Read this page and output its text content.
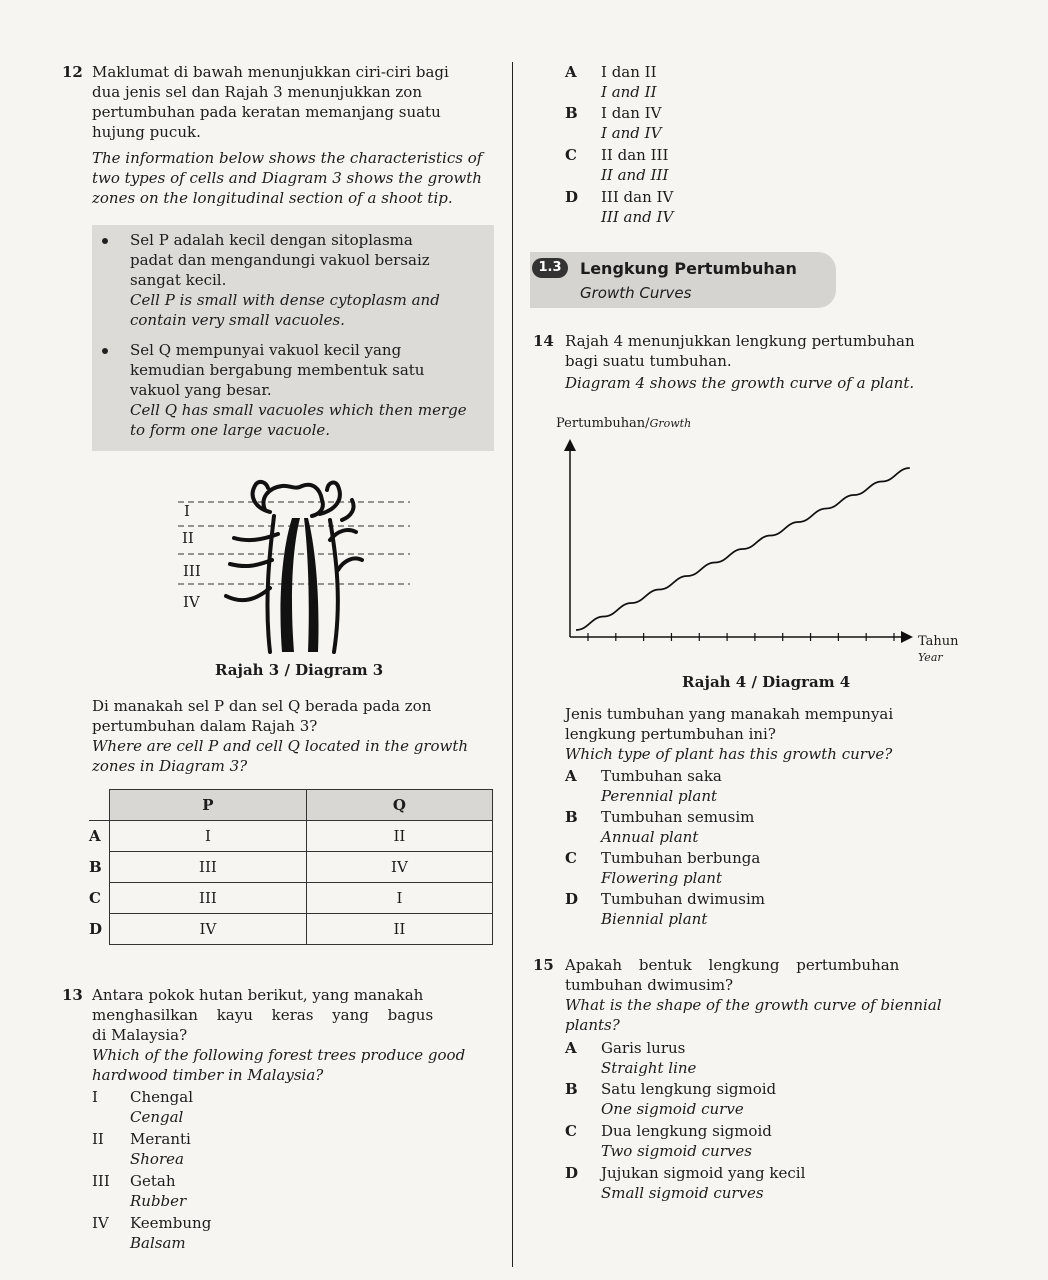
12 Maklumat di bawah menunjukkan ciri-ciri bagi
dua jenis sel dan Rajah 3 menunjukkan zon
pertumbuhan pada keratan memanjang suatu
hujung pucuk.
The information below shows the characteristics of
two types of cells and Diagram 3 shows the growth
zones on the longitudinal section of a shoot tip.
Sel P adalah kecil dengan sitoplasma
padat dan mengandungi vakuol bersaiz
sangat kecil.
Cell P is small with dense cytoplasm and
contain very small vacuoles.
Sel Q mempunyai vakuol kecil yang
kemudian bergabung membentuk satu
vakuol yang besar.
Cell Q has small vacuoles which then merge
to form one large vacuole.
I
II
III
IV
Rajah 3 / Diagram 3
Di manakah sel P dan sel Q berada pada zon
pertumbuhan dalam Rajah 3?
Where are cell P and cell Q located in the growth
zones in Diagram 3?
	P	Q
A	I	II
B	III	IV
C	III	I
D	IV	II
13 Antara pokok hutan berikut, yang manakah
menghasilkan kayu keras yang bagus
di Malaysia?
Which of the following forest trees produce good
hardwood timber in Malaysia?
I Chengal
Cengal
II Meranti
Shorea
III Getah
Rubber
IV Keembung
Balsam
A I dan II
I and II
B I dan IV
I and IV
C II dan III
II and III
D III dan IV
III and IV
1.3	Lengkung Pertumbuhan
Growth Curves
14 Rajah 4 menunjukkan lengkung pertumbuhan
bagi suatu tumbuhan.
Diagram 4 shows the growth curve of a plant.
Pertumbuhan/Growth
Tahun
Year
Rajah 4 / Diagram 4
Jenis tumbuhan yang manakah mempunyai
lengkung pertumbuhan ini?
Which type of plant has this growth curve?
A Tumbuhan saka
Perennial plant
B Tumbuhan semusim
Annual plant
C Tumbuhan berbunga
Flowering plant
D Tumbuhan dwimusim
Biennial plant
15 Apakah bentuk lengkung pertumbuhan
tumbuhan dwimusim?
What is the shape of the growth curve of biennial
plants?
A Garis lurus
Straight line
B Satu lengkung sigmoid
One sigmoid curve
C Dua lengkung sigmoid
Two sigmoid curves
D Jujukan sigmoid yang kecil
Small sigmoid curves
